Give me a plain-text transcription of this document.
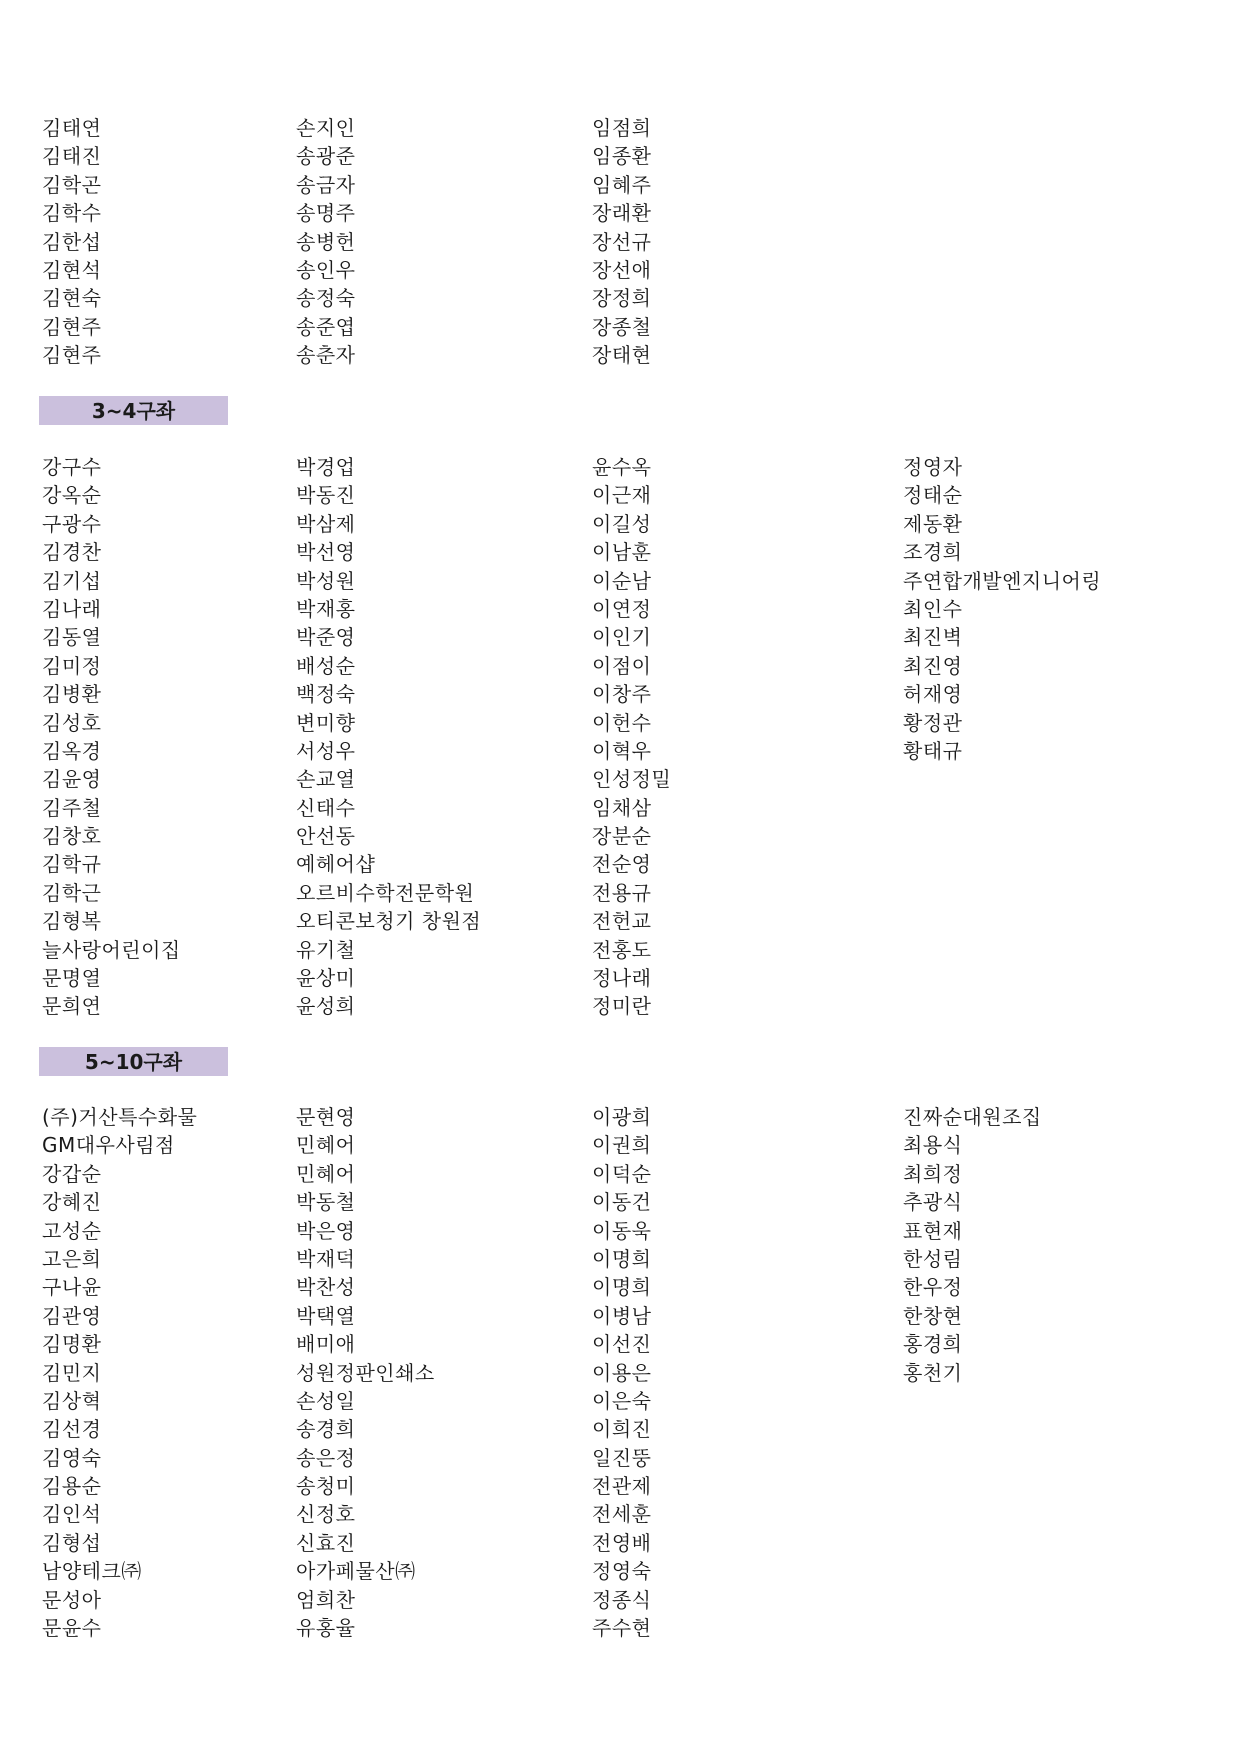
김태연
김태진
김학곤
김학수
김한섭
김현석
김현숙
김현주
김현주
손지인
송광준
송금자
송명주
송병헌
송인우
송정숙
송준엽
송춘자
임점희
임종환
임혜주
장래환
장선규
장선애
장정희
장종철
장태현
3~4구좌
강구수
강옥순
구광수
김경찬
김기섭
김나래
김동열
김미정
김병환
김성호
김옥경
김윤영
김주철
김창호
김학규
김학근
김형복
늘사랑어린이집
문명열
문희연
박경업
박동진
박삼제
박선영
박성원
박재홍
박준영
배성순
백정숙
변미향
서성우
손교열
신태수
안선동
예헤어샵
오르비수학전문학원
오티콘보청기 창원점
유기철
윤상미
윤성희
윤수옥
이근재
이길성
이남훈
이순남
이연정
이인기
이점이
이창주
이헌수
이혁우
인성정밀
임채삼
장분순
전순영
전용규
전헌교
전홍도
정나래
정미란
정영자
정태순
제동환
조경희
주연합개발엔지니어링
최인수
최진벽
최진영
허재영
황정관
황태규
5~10구좌
(주)거산특수화물
GM대우사림점
강갑순
강혜진
고성순
고은희
구나윤
김관영
김명환
김민지
김상혁
김선경
김영숙
김용순
김인석
김형섭
남양테크㈜
문성아
문윤수
문현영
민혜어
민혜어
박동철
박은영
박재덕
박찬성
박택열
배미애
성원정판인쇄소
손성일
송경희
송은정
송청미
신정호
신효진
아가페물산㈜
엄희찬
유홍율
이광희
이권희
이덕순
이동건
이동욱
이명희
이명희
이병남
이선진
이용은
이은숙
이희진
일진뚱
전관제
전세훈
전영배
정영숙
정종식
주수현
진짜순대원조집
최용식
최희정
추광식
표현재
한성림
한우정
한창현
홍경희
홍천기
